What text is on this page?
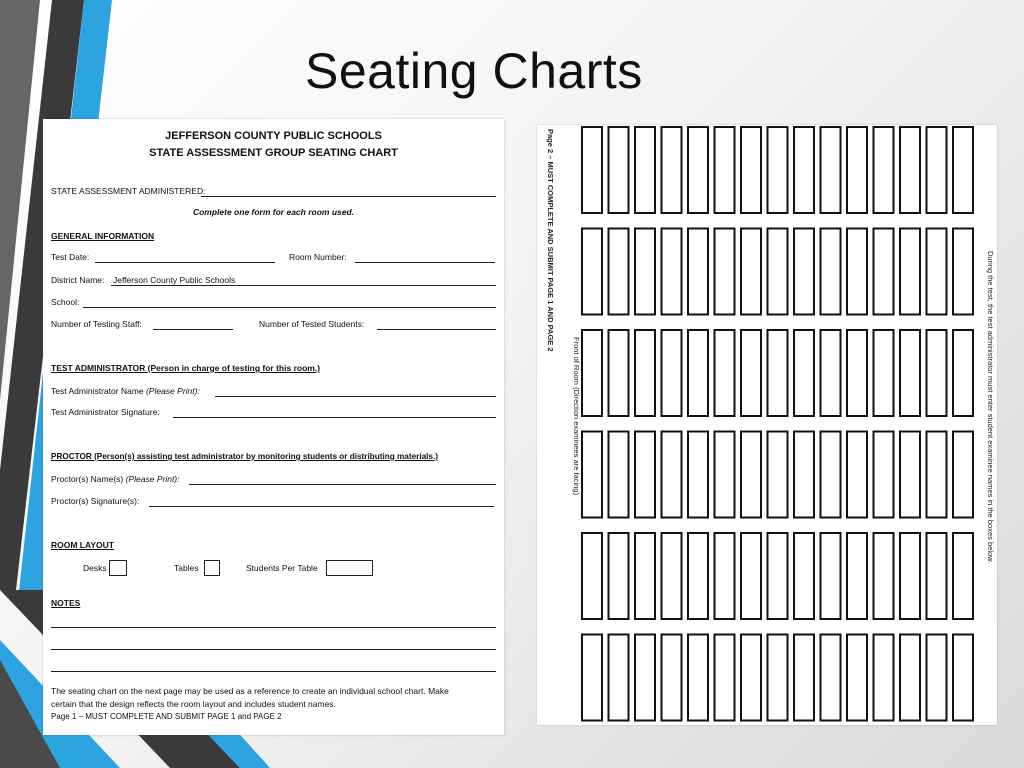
Seating Charts
JEFFERSON COUNTY PUBLIC SCHOOLS
STATE ASSESSMENT GROUP SEATING CHART
STATE ASSESSMENT ADMINISTERED:
Complete one form for each room used.
GENERAL INFORMATION
Test Date:	Room Number:
District Name: Jefferson County Public Schools
School:
Number of Testing Staff:	Number of Tested Students:
TEST ADMINISTRATOR (Person in charge of testing for this room.)
Test Administrator Name (Please Print):
Test Administrator Signature:
PROCTOR (Person(s) assisting test administrator by monitoring students or distributing materials.)
Proctor(s) Name(s) (Please Print):
Proctor(s) Signature(s):
ROOM LAYOUT
Desks	Tables	Students Per Table
NOTES
The seating chart on the next page may be used as a reference to create an individual school chart. Make
certain that the design reflects the room layout and includes student names.
Page 1 – MUST COMPLETE AND SUBMIT PAGE 1 and PAGE 2
Page 2 – MUST COMPLETE AND SUBMIT PAGE 1 AND PAGE 2
Front of Room (Direction examinees are facing)	During the test, the test administrator must enter student examinee names in the boxes below.
